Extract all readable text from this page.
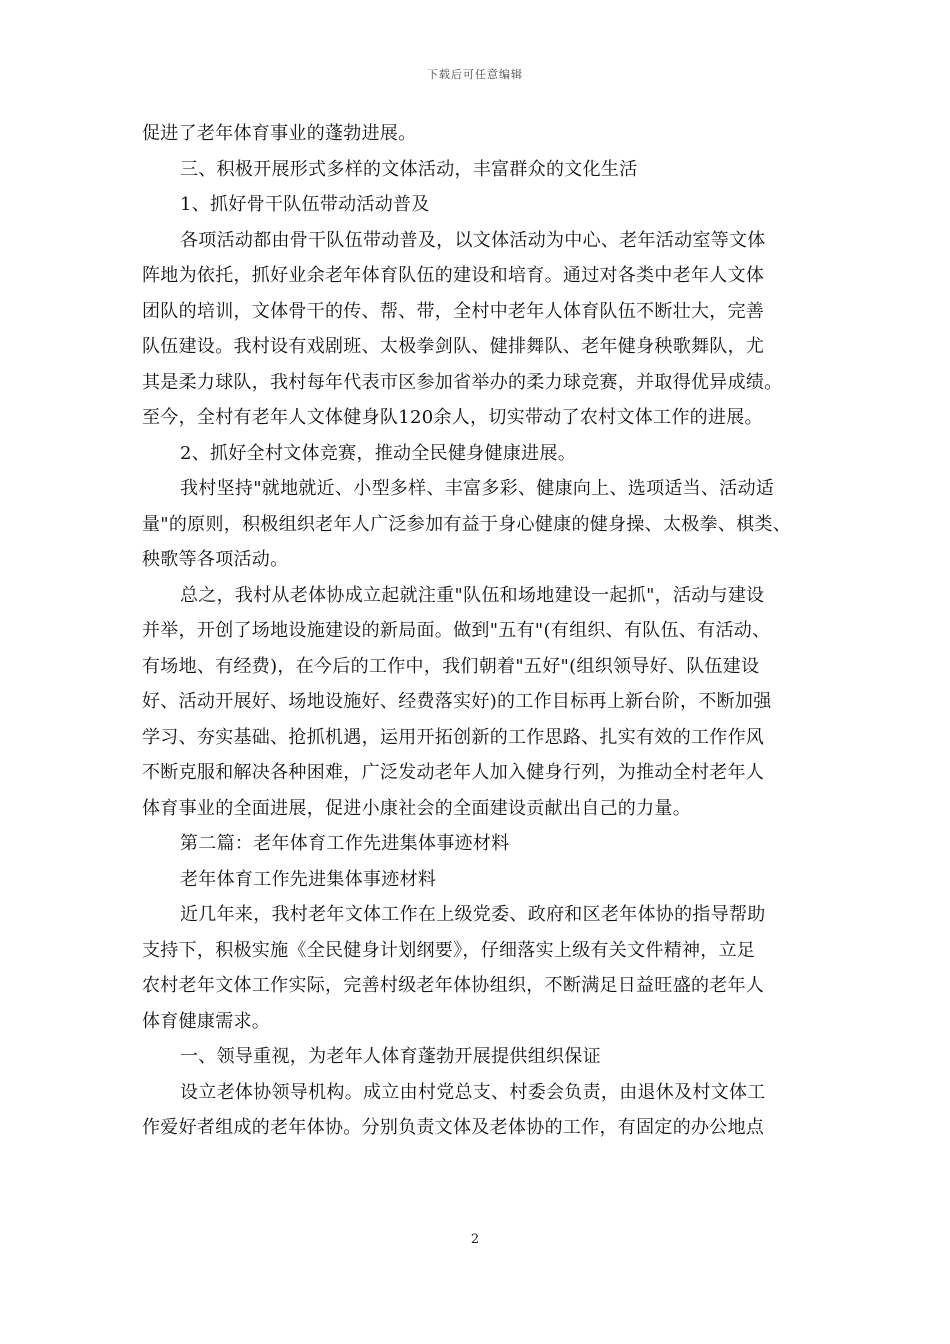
下载后可任意编辑

促进了老年体育事业的蓬勃进展。

三、积极开展形式多样的文体活动，丰富群众的文化生活

1、抓好骨干队伍带动活动普及

各项活动都由骨干队伍带动普及，以文体活动为中心、老年活动室等文体

阵地为依托，抓好业余老年体育队伍的建设和培育。通过对各类中老年人文体

团队的培训，文体骨干的传、帮、带，全村中老年人体育队伍不断壮大，完善

队伍建设。我村设有戏剧班、太极拳剑队、健排舞队、老年健身秧歌舞队，尤

其是柔力球队，我村每年代表市区参加省举办的柔力球竞赛，并取得优异成绩。

至今，全村有老年人文体健身队120余人，切实带动了农村文体工作的进展。

2、抓好全村文体竞赛，推动全民健身健康进展。

我村坚持"就地就近、小型多样、丰富多彩、健康向上、选项适当、活动适

量"的原则，积极组织老年人广泛参加有益于身心健康的健身操、太极拳、棋类、

秧歌等各项活动。

总之，我村从老体协成立起就注重"队伍和场地建设一起抓"，活动与建设

并举，开创了场地设施建设的新局面。做到"五有"(有组织、有队伍、有活动、

有场地、有经费)，在今后的工作中，我们朝着"五好"(组织领导好、队伍建设

好、活动开展好、场地设施好、经费落实好)的工作目标再上新台阶，不断加强

学习、夯实基础、抢抓机遇，运用开拓创新的工作思路、扎实有效的工作作风

不断克服和解决各种困难，广泛发动老年人加入健身行列，为推动全村老年人

体育事业的全面进展，促进小康社会的全面建设贡献出自己的力量。

第二篇：老年体育工作先进集体事迹材料

老年体育工作先进集体事迹材料

近几年来，我村老年文体工作在上级党委、政府和区老年体协的指导帮助

支持下，积极实施《全民健身计划纲要》，仔细落实上级有关文件精神，立足

农村老年文体工作实际，完善村级老年体协组织，不断满足日益旺盛的老年人

体育健康需求。

一、领导重视，为老年人体育蓬勃开展提供组织保证

设立老体协领导机构。成立由村党总支、村委会负责，由退休及村文体工

作爱好者组成的老年体协。分别负责文体及老体协的工作，有固定的办公地点

2
